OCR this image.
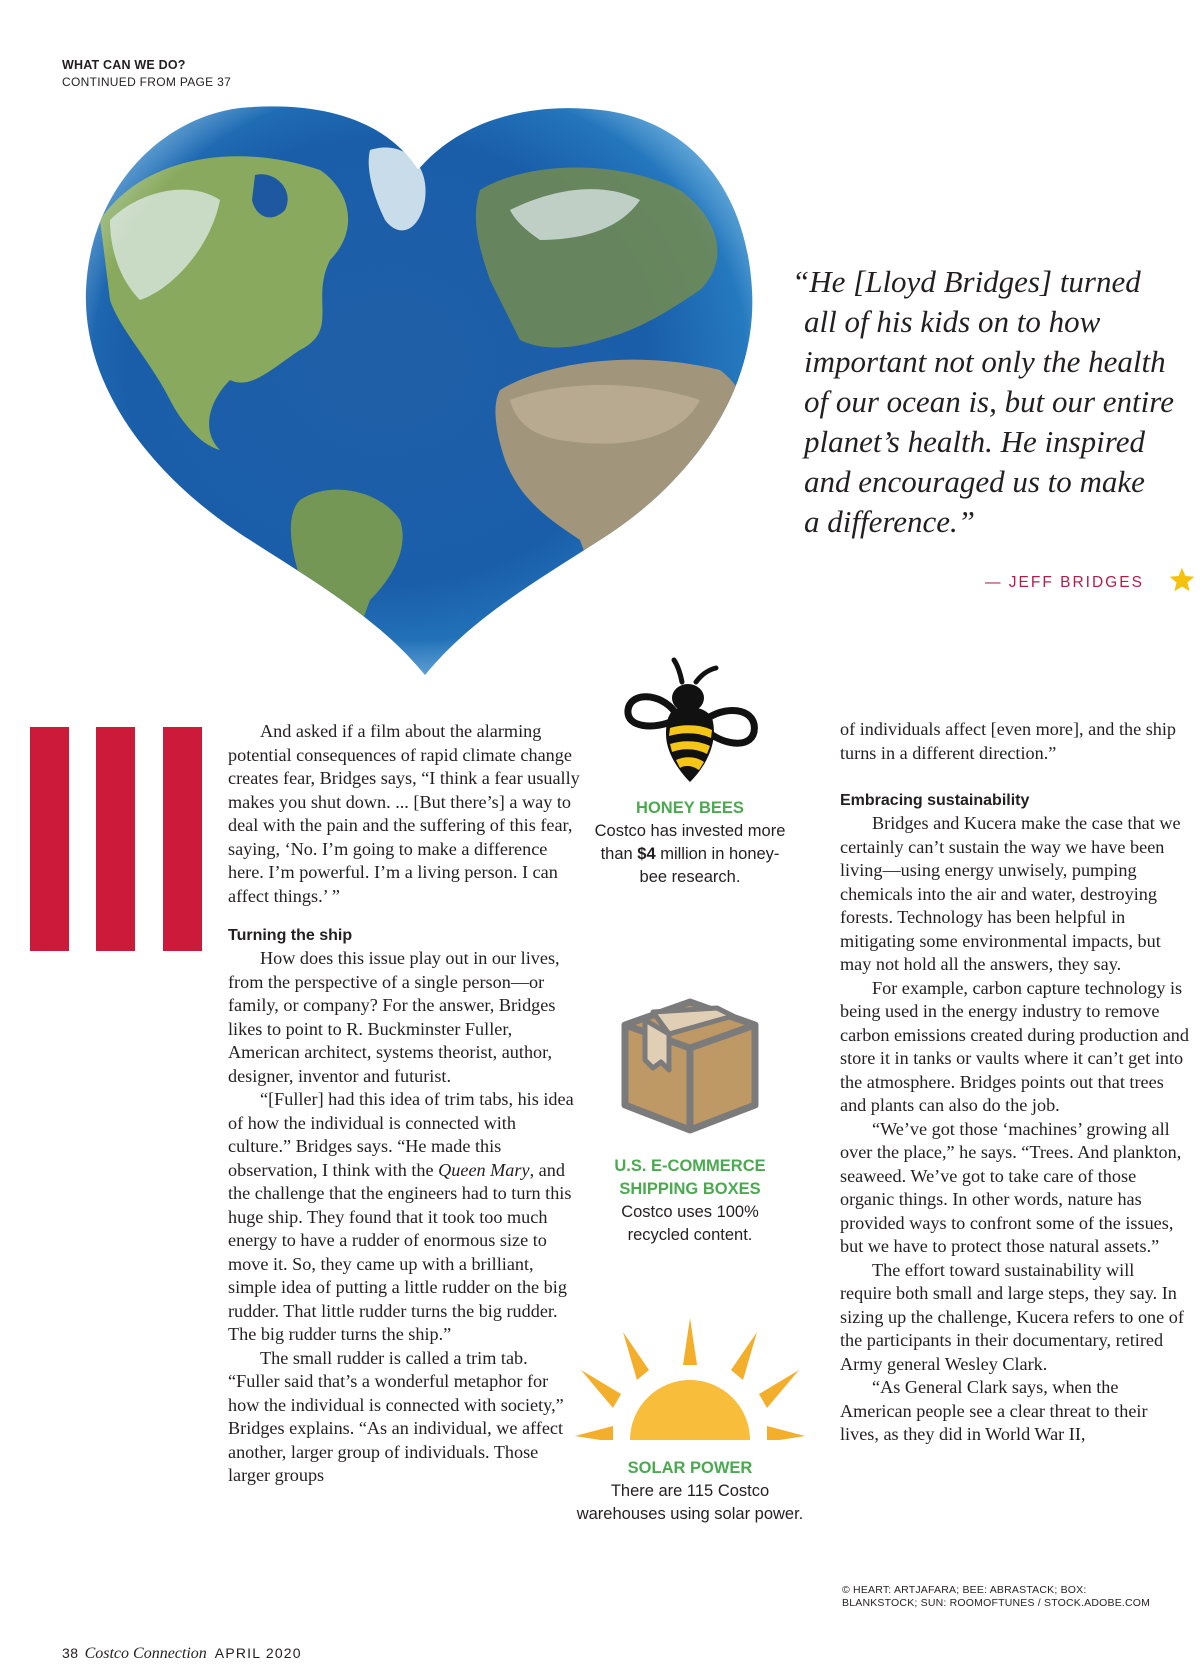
WHAT CAN WE DO?
CONTINUED FROM PAGE 37

“He [Lloyd Bridges] turned
all of his kids on to how
important not only the health
of our ocean is, but our entire
planet’s health. He inspired
and encouraged us to make
a difference.”

— JEFF BRIDGES

And asked if a film about the alarming potential consequences of rapid climate change creates fear, Bridges says, “I think a fear usually makes you shut down. ... [But there’s] a way to deal with the pain and the suffering of this fear, saying, ‘No. I’m going to make a difference here. I’m powerful. I’m a living person. I can affect things.’ ”

Turning the ship

How does this issue play out in our lives, from the perspective of a single person—or family, or company? For the answer, Bridges likes to point to R. Buckminster Fuller, American architect, systems theorist, author, designer, inventor and futurist.

“[Fuller] had this idea of trim tabs, his idea of how the individual is connected with culture.” Bridges says. “He made this observation, I think with the Queen Mary, and the challenge that the engineers had to turn this huge ship. They found that it took too much energy to have a rudder of enormous size to move it. So, they came up with a brilliant, simple idea of putting a little rudder on the big rudder. That little rudder turns the big rudder. The big rudder turns the ship.”

The small rudder is called a trim tab. “Fuller said that’s a wonderful metaphor for how the individual is connected with society,” Bridges explains. “As an individual, we affect another, larger group of individuals. Those larger groups

HONEY BEES
Costco has invested more than $4 million in honey-bee research.
U.S. E-COMMERCE SHIPPING BOXES
Costco uses 100% recycled content.
SOLAR POWER
There are 115 Costco warehouses using solar power.

of individuals affect [even more], and the ship turns in a different direction.”

Embracing sustainability

Bridges and Kucera make the case that we certainly can’t sustain the way we have been living—using energy unwisely, pumping chemicals into the air and water, destroying forests. Technology has been helpful in mitigating some environmental impacts, but may not hold all the answers, they say.

For example, carbon capture technology is being used in the energy industry to remove carbon emissions created during production and store it in tanks or vaults where it can’t get into the atmosphere. Bridges points out that trees and plants can also do the job.

“We’ve got those ‘machines’ growing all over the place,” he says. “Trees. And plankton, seaweed. We’ve got to take care of those organic things. In other words, nature has provided ways to confront some of the issues, but we have to protect those natural assets.”

The effort toward sustainability will require both small and large steps, they say. In sizing up the challenge, Kucera refers to one of the participants in their documentary, retired Army general Wesley Clark.

“As General Clark says, when the American people see a clear threat to their lives, as they did in World War II,

© HEART: ARTJAFARA; BEE: ABRASTACK; BOX:
BLANKSTOCK; SUN: ROOMOFTUNES / STOCK.ADOBE.COM
38 Costco Connection APRIL 2020
